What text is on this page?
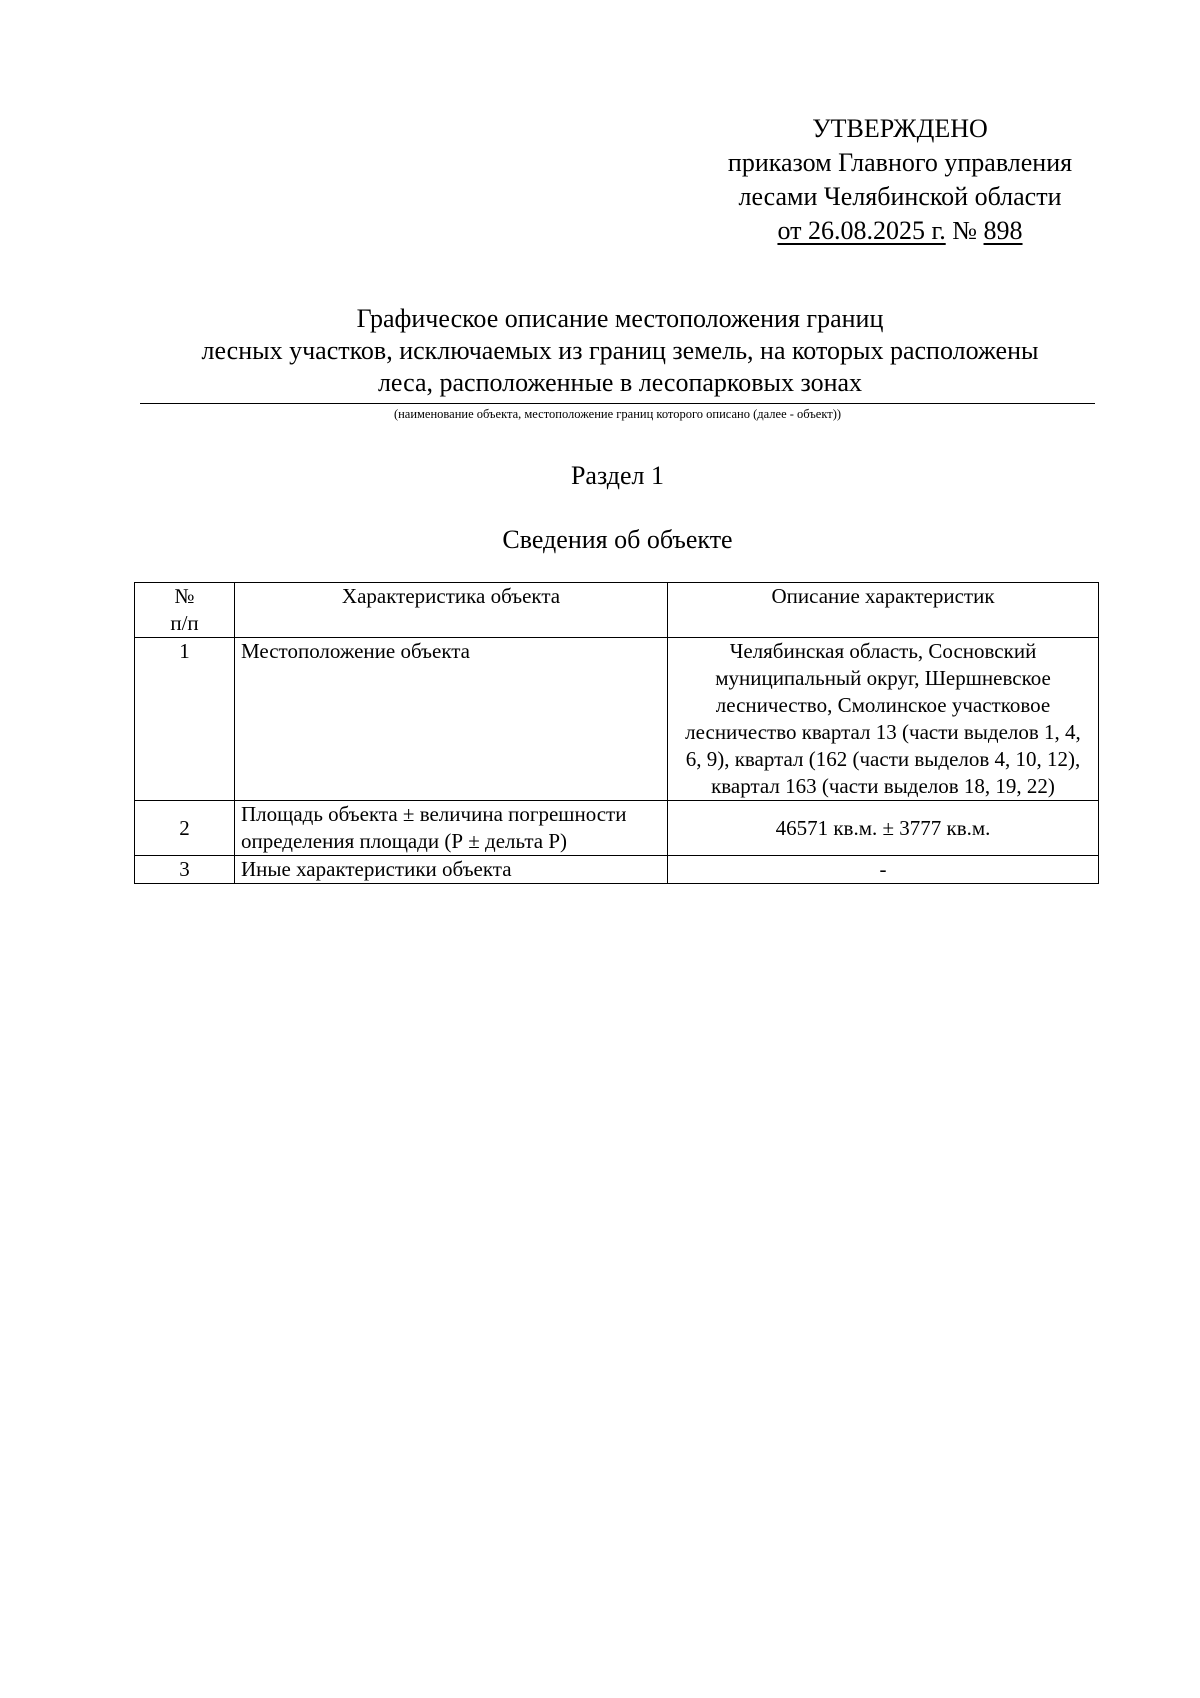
УТВЕРЖДЕНО
приказом Главного управления
лесами Челябинской области
от 26.08.2025 г. № 898
Графическое описание местоположения границ
лесных участков, исключаемых из границ земель, на которых расположены
леса, расположенные в лесопарковых зонах
(наименование объекта, местоположение границ которого описано (далее - объект))
Раздел 1
Сведения об объекте
№
п/п	Характеристика объекта	Описание характеристик
1	Местоположение объекта	Челябинская область, Сосновский муниципальный округ, Шершневское лесничество, Смолинское участковое лесничество квартал 13 (части выделов 1, 4, 6, 9), квартал (162 (части выделов 4, 10, 12), квартал 163 (части выделов 18, 19, 22)
2	Площадь объекта ± величина погрешности определения площади (Р ± дельта Р)	46571 кв.м. ± 3777 кв.м.
3	Иные характеристики объекта	-
